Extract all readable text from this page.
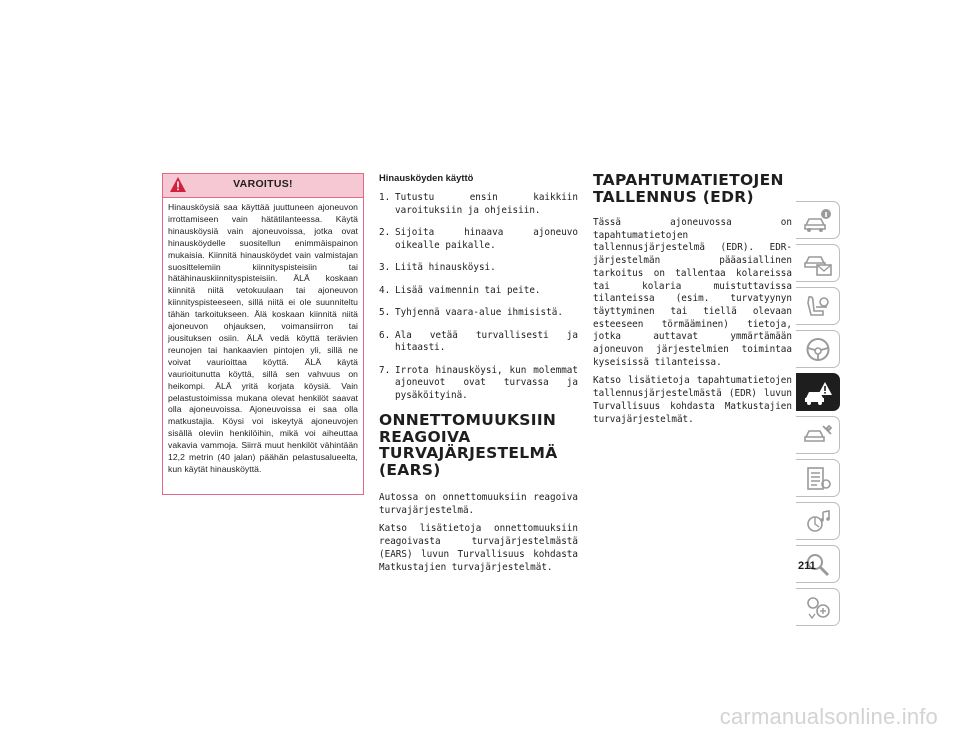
VAROITUS!
Hinausköysiä saa käyttää juuttuneen ajoneuvon irrottamiseen vain hätätilanteessa. Käytä hinausköysiä vain ajoneuvoissa, jotka ovat hinausköydelle suositellun enimmäispainon mukaisia. Kiinnitä hinausköydet vain valmistajan suosittelemiin kiinnityspisteisiin tai hätähinauskiinnityspisteisiin. ÄLÄ koskaan kiinnitä niitä vetokuulaan tai ajoneuvon kiinnityspisteeseen, sillä niitä ei ole suunniteltu tähän tarkoitukseen. Älä koskaan kiinnitä niitä ajoneuvon ohjauksen, voimansiirron tai jousituksen osiin. ÄLÄ vedä köyttä terävien reunojen tai hankaavien pintojen yli, sillä ne voivat vaurioittaa köyttä. ÄLÄ käytä vaurioitunutta köyttä, sillä sen vahvuus on heikompi. ÄLÄ yritä korjata köysiä. Vain pelastustoimissa mukana olevat henkilöt saavat olla ajoneuvoissa. Ajoneuvoissa ei saa olla matkustajia. Köysi voi iskeytyä ajoneuvojen sisällä oleviin henkilöihin, mikä voi aiheuttaa vakavia vammoja. Siirrä muut henkilöt vähintään 12,2 metrin (40 jalan) päähän pelastusalueelta, kun käytät hinausköyttä.
Hinausköyden käyttö
1. Tutustu ensin kaikkiin varoituksiin ja ohjeisiin.
2. Sijoita hinaava ajoneuvo oikealle paikalle.
3. Liitä hinausköysi.
4. Lisää vaimennin tai peite.
5. Tyhjennä vaara-alue ihmisistä.
6. Ala vetää turvallisesti ja hitaasti.
7. Irrota hinausköysi, kun molemmat ajoneuvot ovat turvassa ja pysäköityinä.
ONNETTOMUUKSIIN
REAGOIVA
TURVAJÄRJESTELMÄ
(EARS)

Autossa on onnettomuuksiin reagoiva turvajärjestelmä.

Katso lisätietoja onnettomuuksiin reagoivasta turvajärjestelmästä (EARS) luvun Turvallisuus kohdasta Matkustajien turvajärjestelmät.

TAPAHTUMATIETOJEN
TALLENNUS (EDR)

Tässä ajoneuvossa on tapahtumatietojen tallennusjärjestelmä (EDR). EDR-järjestelmän pääasiallinen tarkoitus on tallentaa kolareissa tai kolaria muistuttavissa tilanteissa (esim. turvatyynyn täyttyminen tai tiellä olevaan esteeseen törmääminen) tietoja, jotka auttavat ymmärtämään ajoneuvon järjestelmien toimintaa kyseisissä tilanteissa.

Katso lisätietoja tapahtumatietojen tallennusjärjestelmästä (EDR) luvun Turvallisuus kohdasta Matkustajien turvajärjestelmät.

211
carmanualsonline.info
